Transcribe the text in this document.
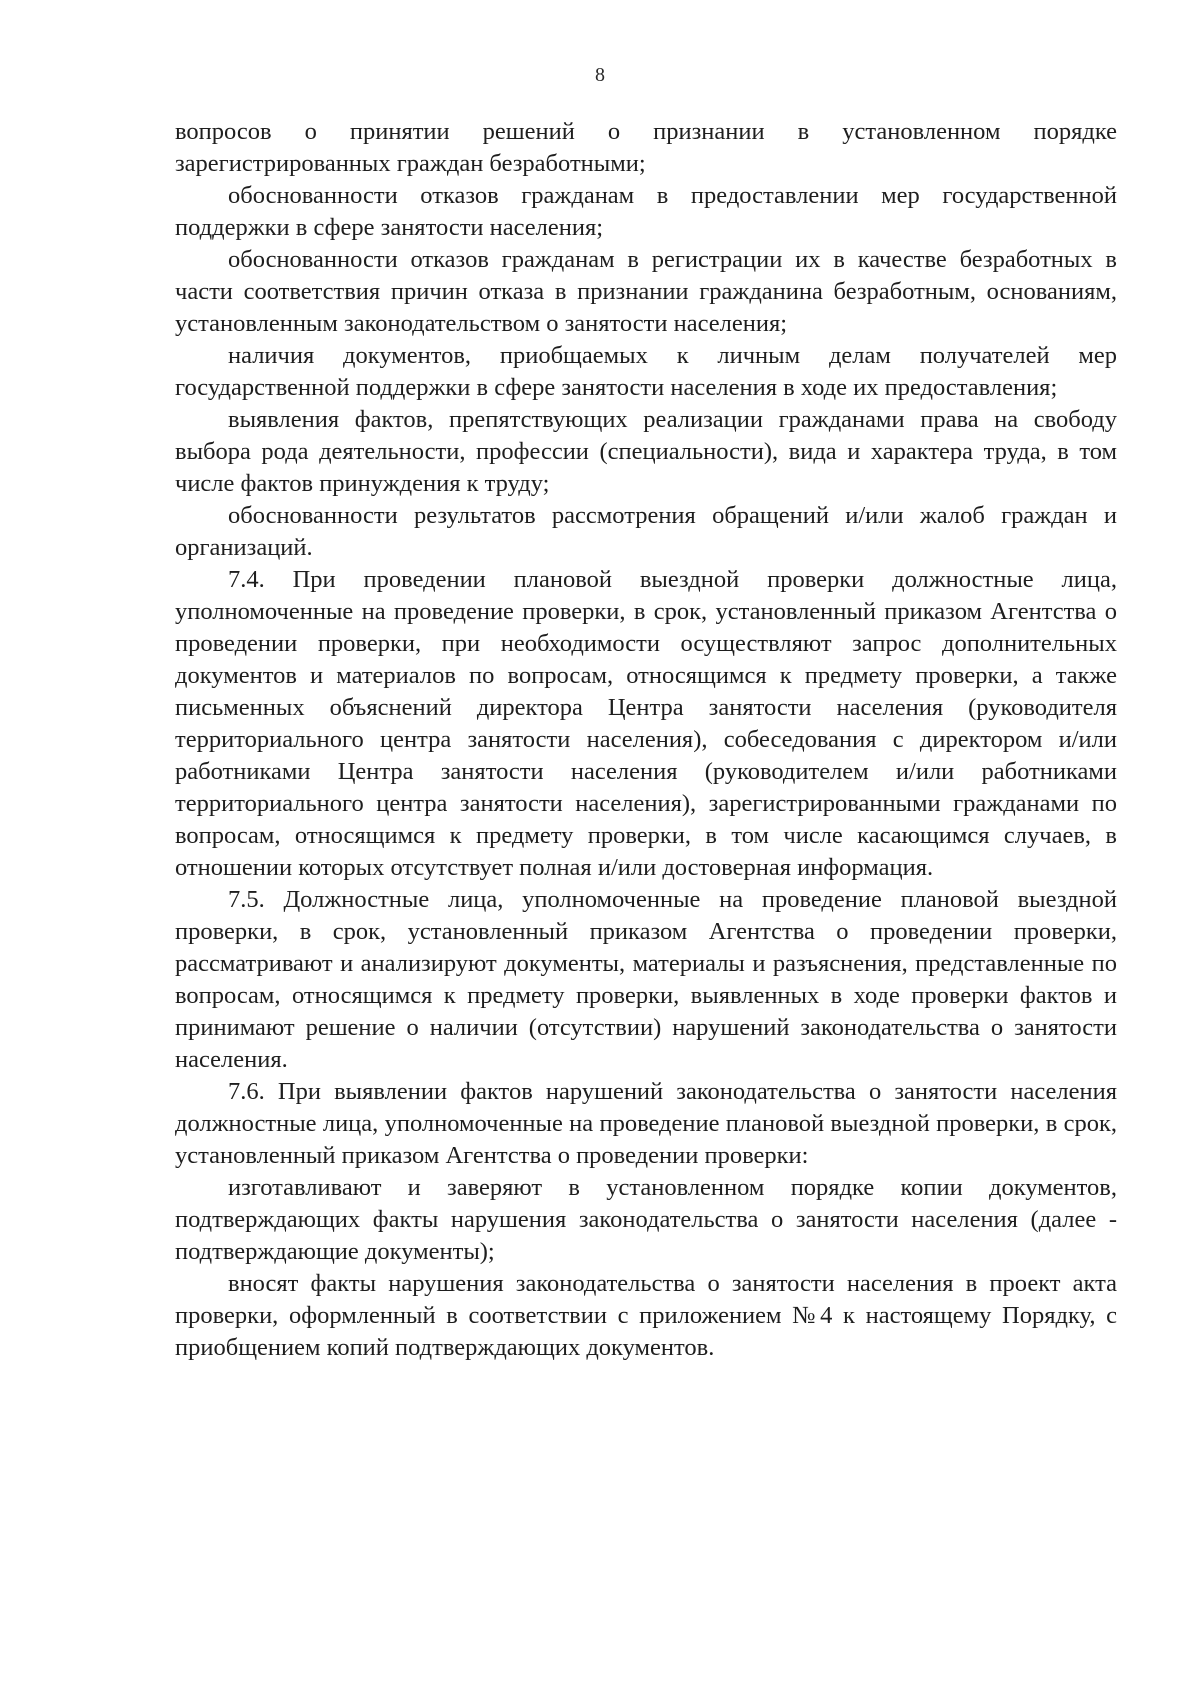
8

вопросов о принятии решений о признании в установленном порядке зарегистрированных граждан безработными;

обоснованности отказов гражданам в предоставлении мер государственной поддержки в сфере занятости населения;

обоснованности отказов гражданам в регистрации их в качестве безработных в части соответствия причин отказа в признании гражданина безработным, основаниям, установленным законодательством о занятости населения;

наличия документов, приобщаемых к личным делам получателей мер государственной поддержки в сфере занятости населения в ходе их предоставления;

выявления фактов, препятствующих реализации гражданами права на свободу выбора рода деятельности, профессии (специальности), вида и характера труда, в том числе фактов принуждения к труду;

обоснованности результатов рассмотрения обращений и/или жалоб граждан и организаций.

7.4. При проведении плановой выездной проверки должностные лица, уполномоченные на проведение проверки, в срок, установленный приказом Агентства о проведении проверки, при необходимости осуществляют запрос дополнительных документов и материалов по вопросам, относящимся к предмету проверки, а также письменных объяснений директора Центра занятости населения (руководителя территориального центра занятости населения), собеседования с директором и/или работниками Центра занятости населения (руководителем и/или работниками территориального центра занятости населения), зарегистрированными гражданами по вопросам, относящимся к предмету проверки, в том числе касающимся случаев, в отношении которых отсутствует полная и/или достоверная информация.

7.5. Должностные лица, уполномоченные на проведение плановой выездной проверки, в срок, установленный приказом Агентства о проведении проверки, рассматривают и анализируют документы, материалы и разъяснения, представленные по вопросам, относящимся к предмету проверки, выявленных в ходе проверки фактов и принимают решение о наличии (отсутствии) нарушений законодательства о занятости населения.

7.6. При выявлении фактов нарушений законодательства о занятости населения должностные лица, уполномоченные на проведение плановой выездной проверки, в срок, установленный приказом Агентства о проведении проверки:

изготавливают и заверяют в установленном порядке копии документов, подтверждающих факты нарушения законодательства о занятости населения (далее - подтверждающие документы);

вносят факты нарушения законодательства о занятости населения в проект акта проверки, оформленный в соответствии с приложением №4 к настоящему Порядку, с приобщением копий подтверждающих документов.
